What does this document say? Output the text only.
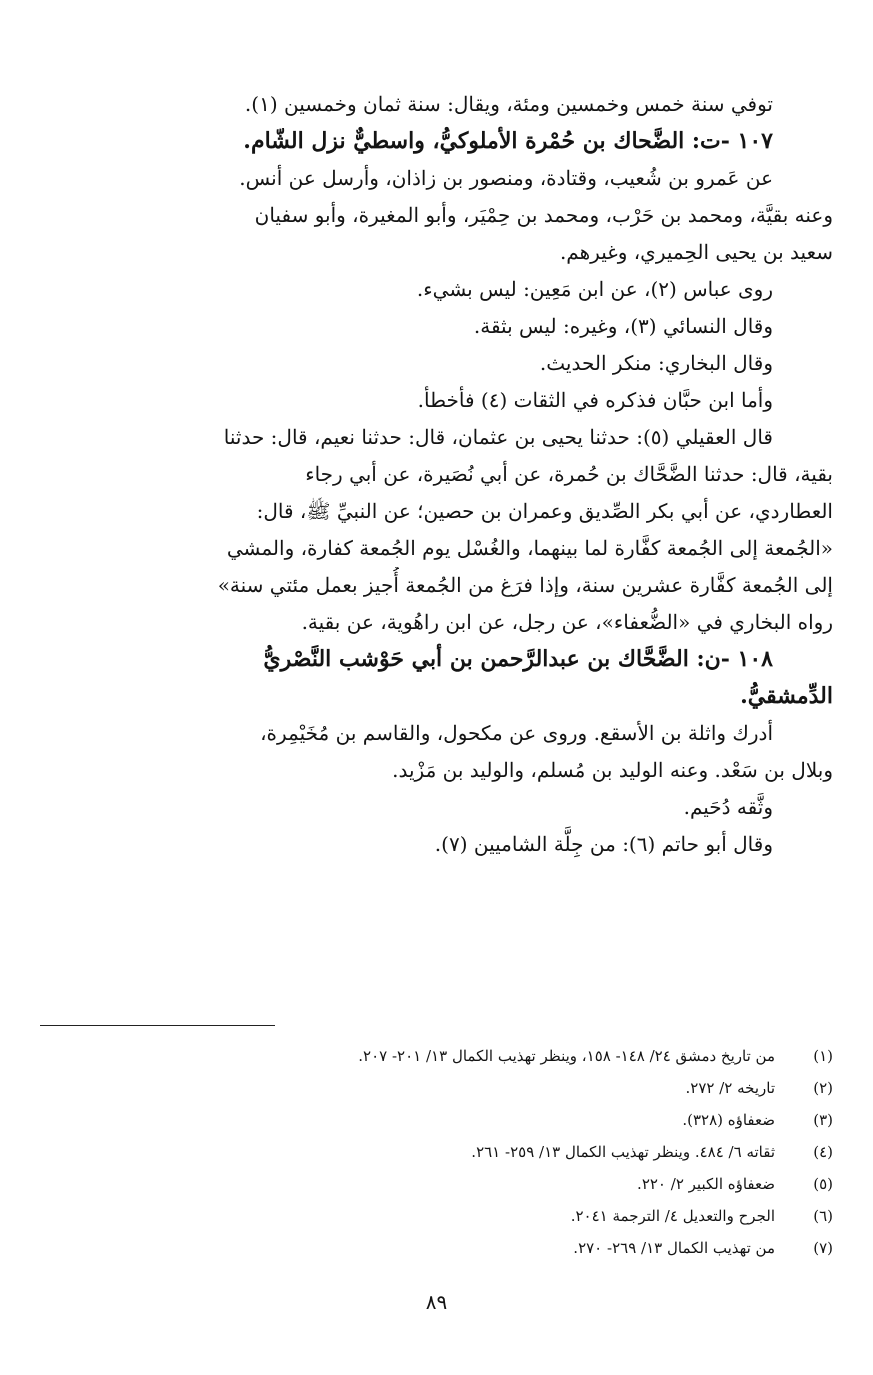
توفي سنة خمس وخمسين ومئة، ويقال: سنة ثمان وخمسين (١).
١٠٧ -ت: الضَّحاك بن حُمْرة الأملوكيُّ، واسطيٌّ نزل الشّام.
عن عَمرو بن شُعيب، وقتادة، ومنصور بن زاذان، وأرسل عن أنس.
وعنه بقيَّة، ومحمد بن حَرْب، ومحمد بن حِمْيَر، وأبو المغيرة، وأبو سفيان
سعيد بن يحيى الحِميري، وغيرهم.
روى عباس (٢)، عن ابن مَعِين: ليس بشيء.
وقال النسائي (٣)، وغيره: ليس بثقة.
وقال البخاري: منكر الحديث.
وأما ابن حبَّان فذكره في الثقات (٤) فأخطأ.
قال العقيلي (٥): حدثنا يحيى بن عثمان، قال: حدثنا نعيم، قال: حدثنا
بقية، قال: حدثنا الضَّحَّاك بن حُمرة، عن أبي نُصَيرة، عن أبي رجاء
العطاردي، عن أبي بكر الصِّديق وعمران بن حصين؛ عن النبيِّ ﷺ، قال:
«الجُمعة إلى الجُمعة كفَّارة لما بينهما، والغُسْل يوم الجُمعة كفارة، والمشي
إلى الجُمعة كفَّارة عشرين سنة، وإذا فرَغ من الجُمعة أُجيز بعمل مئتي سنة»
رواه البخاري في «الضُّعفاء»، عن رجل، عن ابن راهُوية، عن بقية.
١٠٨ -ن: الضَّحَّاك بن عبدالرَّحمن بن أبي حَوْشب النَّصْريُّ
الدِّمشقيُّ.
أدرك واثلة بن الأسقع. وروى عن مكحول، والقاسم بن مُخَيْمِرة،
وبلال بن سَعْد. وعنه الوليد بن مُسلم، والوليد بن مَزْيد.
وثَّقه دُحَيم.
وقال أبو حاتم (٦): من جِلَّة الشاميين (٧).
(١)
من تاريخ دمشق ٢٤/ ١٤٨- ١٥٨، وينظر تهذيب الكمال ١٣/ ٢٠١- ٢٠٧.
(٢)
تاريخه ٢/ ٢٧٢.
(٣)
ضعفاؤه (٣٢٨).
(٤)
ثقاته ٦/ ٤٨٤. وينظر تهذيب الكمال ١٣/ ٢٥٩- ٢٦١.
(٥)
ضعفاؤه الكبير ٢/ ٢٢٠.
(٦)
الجرح والتعديل ٤/ الترجمة ٢٠٤١.
(٧)
من تهذيب الكمال ١٣/ ٢٦٩- ٢٧٠.
٨٩
